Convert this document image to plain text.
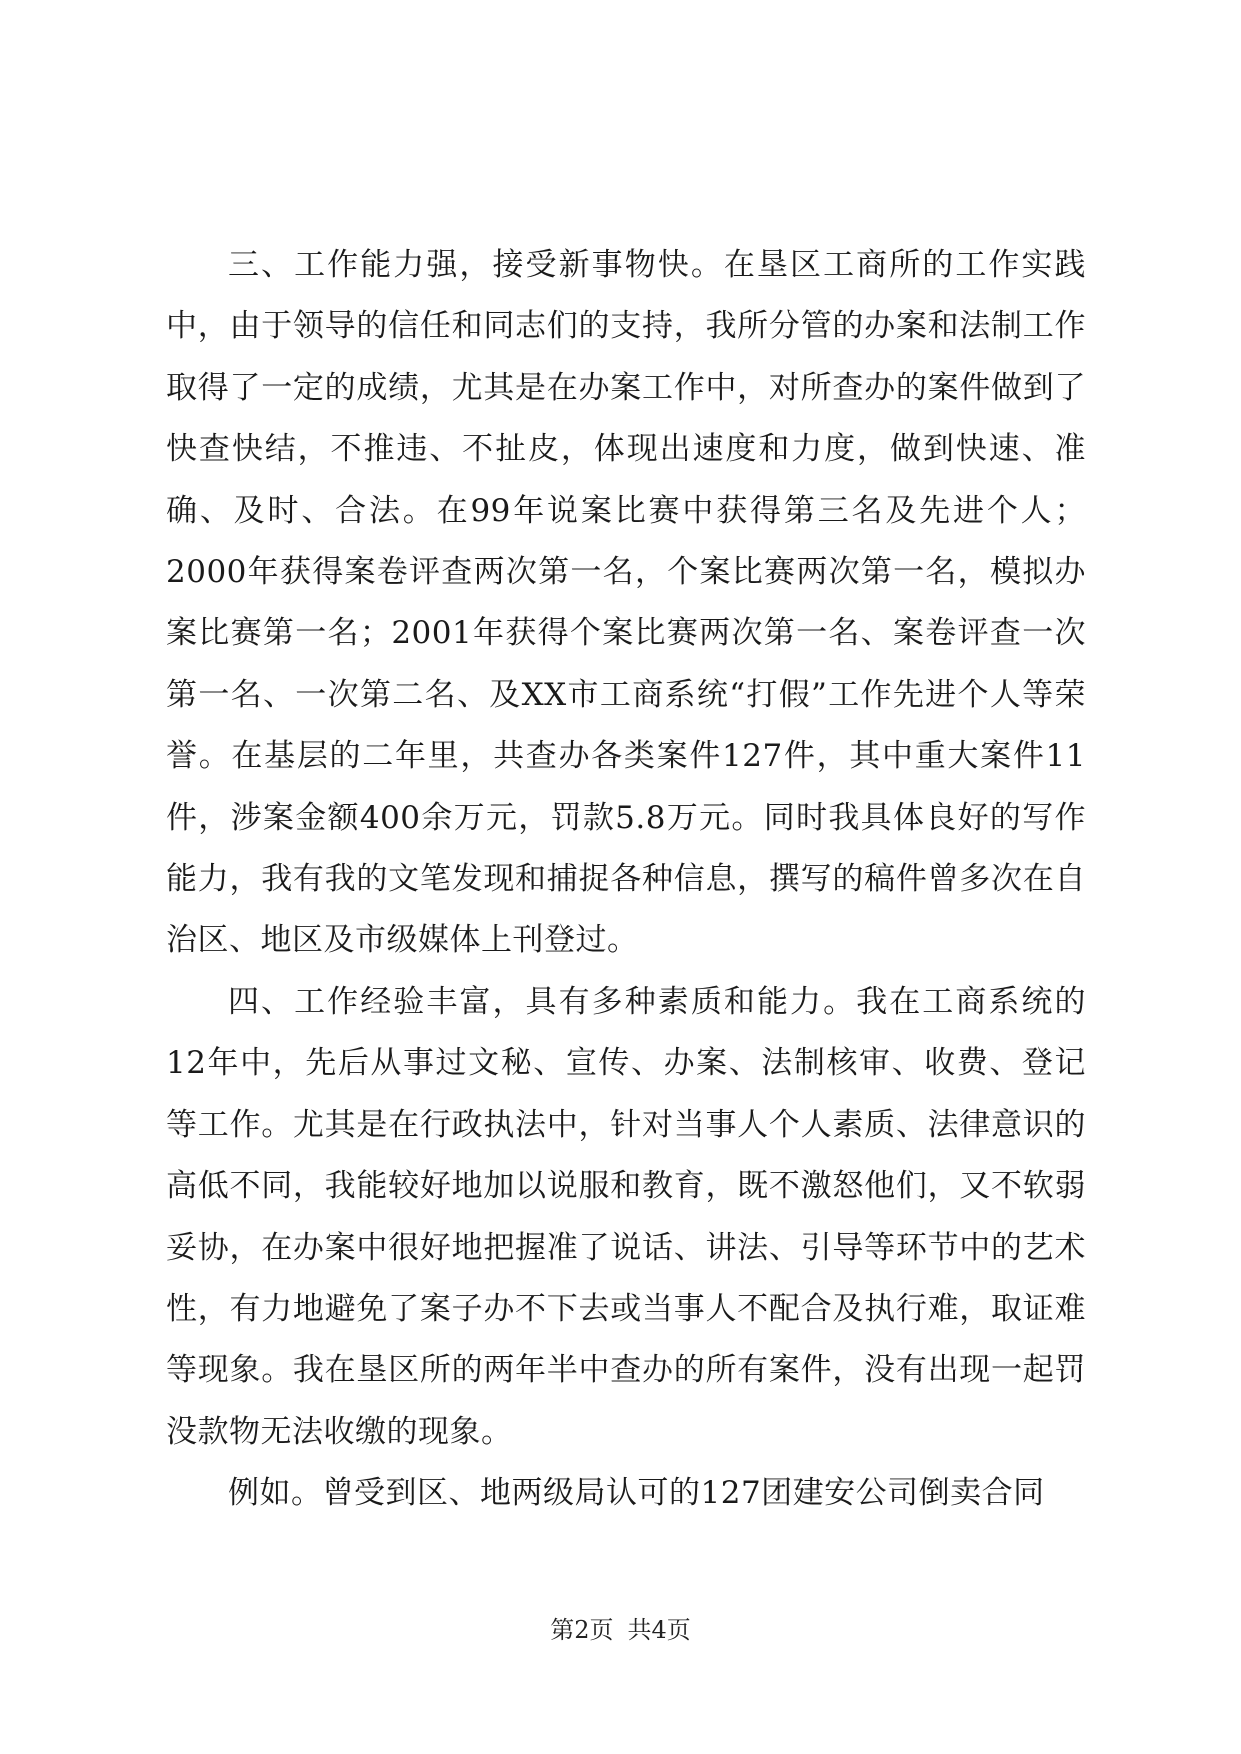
三、工作能力强，接受新事物快。在垦区工商所的工作实践中，由于领导的信任和同志们的支持，我所分管的办案和法制工作取得了一定的成绩，尤其是在办案工作中，对所查办的案件做到了快查快结，不推违、不扯皮，体现出速度和力度，做到快速、准确、及时、合法。在99年说案比赛中获得第三名及先进个人；2000年获得案卷评查两次第一名，个案比赛两次第一名，模拟办案比赛第一名；2001年获得个案比赛两次第一名、案卷评查一次第一名、一次第二名、及XX市工商系统“打假”工作先进个人等荣誉。在基层的二年里，共查办各类案件127件，其中重大案件11件，涉案金额400余万元，罚款5.8万元。同时我具体良好的写作能力，我有我的文笔发现和捕捉各种信息，撰写的稿件曾多次在自治区、地区及市级媒体上刊登过。

四、工作经验丰富，具有多种素质和能力。我在工商系统的12年中，先后从事过文秘、宣传、办案、法制核审、收费、登记等工作。尤其是在行政执法中，针对当事人个人素质、法律意识的高低不同，我能较好地加以说服和教育，既不激怒他们，又不软弱妥协，在办案中很好地把握准了说话、讲法、引导等环节中的艺术性，有力地避免了案子办不下去或当事人不配合及执行难，取证难等现象。我在垦区所的两年半中查办的所有案件，没有出现一起罚没款物无法收缴的现象。

例如。曾受到区、地两级局认可的127团建安公司倒卖合同

第2页 共4页
